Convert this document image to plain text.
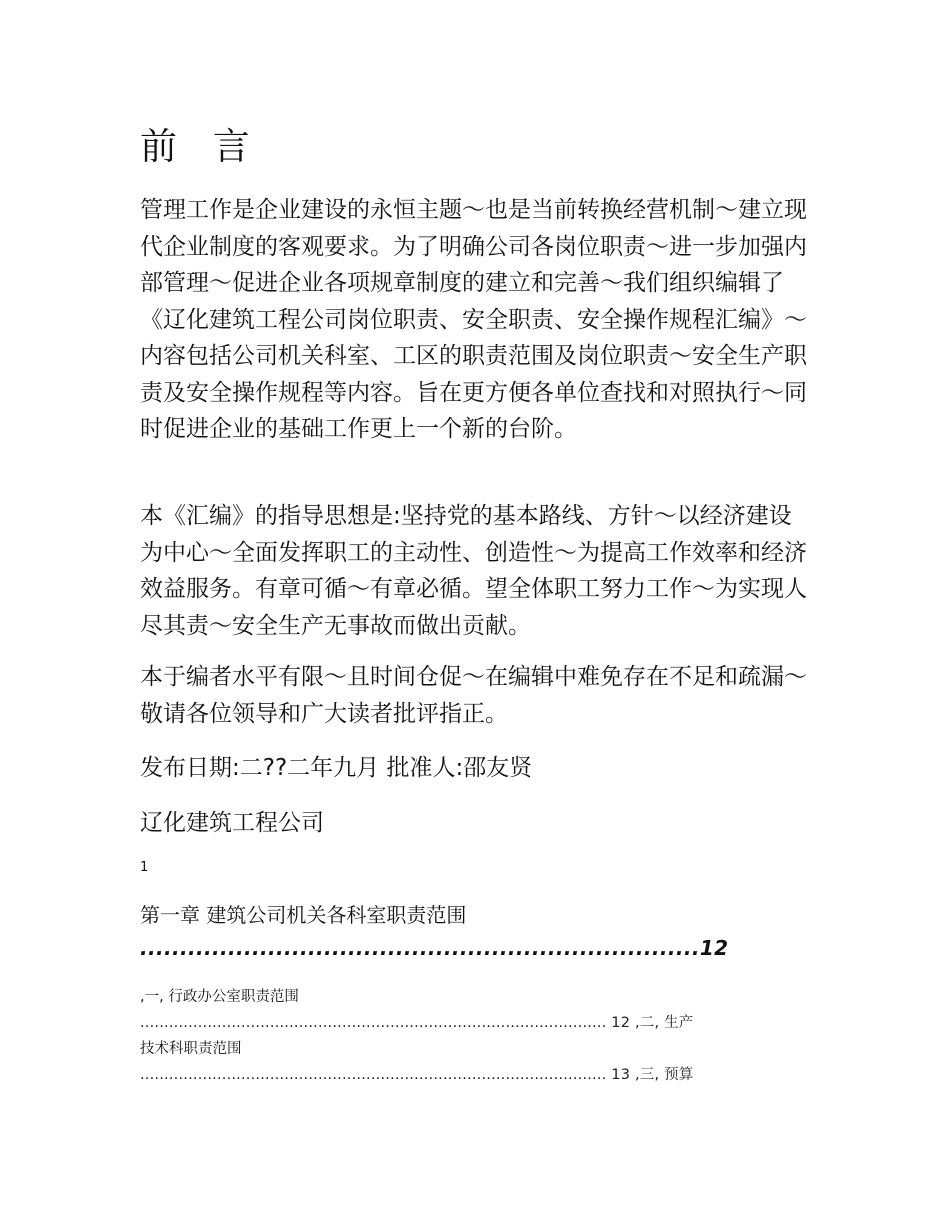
前 言

管理工作是企业建设的永恒主题～也是当前转换经营机制～建立现代企业制度的客观要求。为了明确公司各岗位职责～进一步加强内部管理～促进企业各项规章制度的建立和完善～我们组织编辑了《辽化建筑工程公司岗位职责、安全职责、安全操作规程汇编》～内容包括公司机关科室、工区的职责范围及岗位职责～安全生产职责及安全操作规程等内容。旨在更方便各单位查找和对照执行～同时促进企业的基础工作更上一个新的台阶。

本《汇编》的指导思想是:坚持党的基本路线、方针～以经济建设为中心～全面发挥职工的主动性、创造性～为提高工作效率和经济效益服务。有章可循～有章必循。望全体职工努力工作～为实现人尽其责～安全生产无事故而做出贡献。

本于编者水平有限～且时间仓促～在编辑中难免存在不足和疏漏～敬请各位领导和广大读者批评指正。

发布日期:二??二年九月 批准人:邵友贤
辽化建筑工程公司
1
第一章 建筑公司机关各科室职责范围
......................................................................12
,一, 行政办公室职责范围
................................................................................................. 12 ,二, 生产
技术科职责范围
................................................................................................. 13 ,三, 预算
